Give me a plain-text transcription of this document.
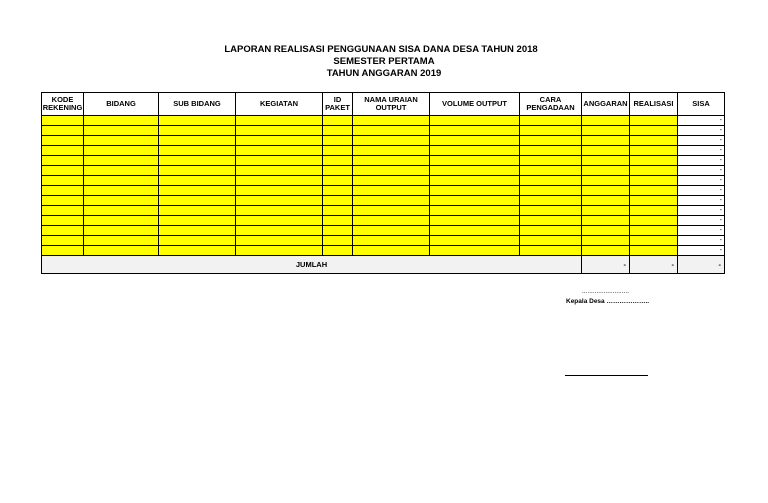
LAPORAN REALISASI PENGGUNAAN SISA DANA DESA TAHUN 2018
SEMESTER PERTAMA
TAHUN ANGGARAN 2019
KODE REKENING	BIDANG	SUB BIDANG	KEGIATAN	ID PAKET	NAMA URAIAN OUTPUT	VOLUME OUTPUT	CARA PENGADAAN	ANGGARAN	REALISASI	SISA
										-
										-
										-
										-
										-
										-
										-
										-
										-
										-
										-
										-
										-
										-
JUMLAH								-	-	-
..........................
Kepala Desa ………………..
